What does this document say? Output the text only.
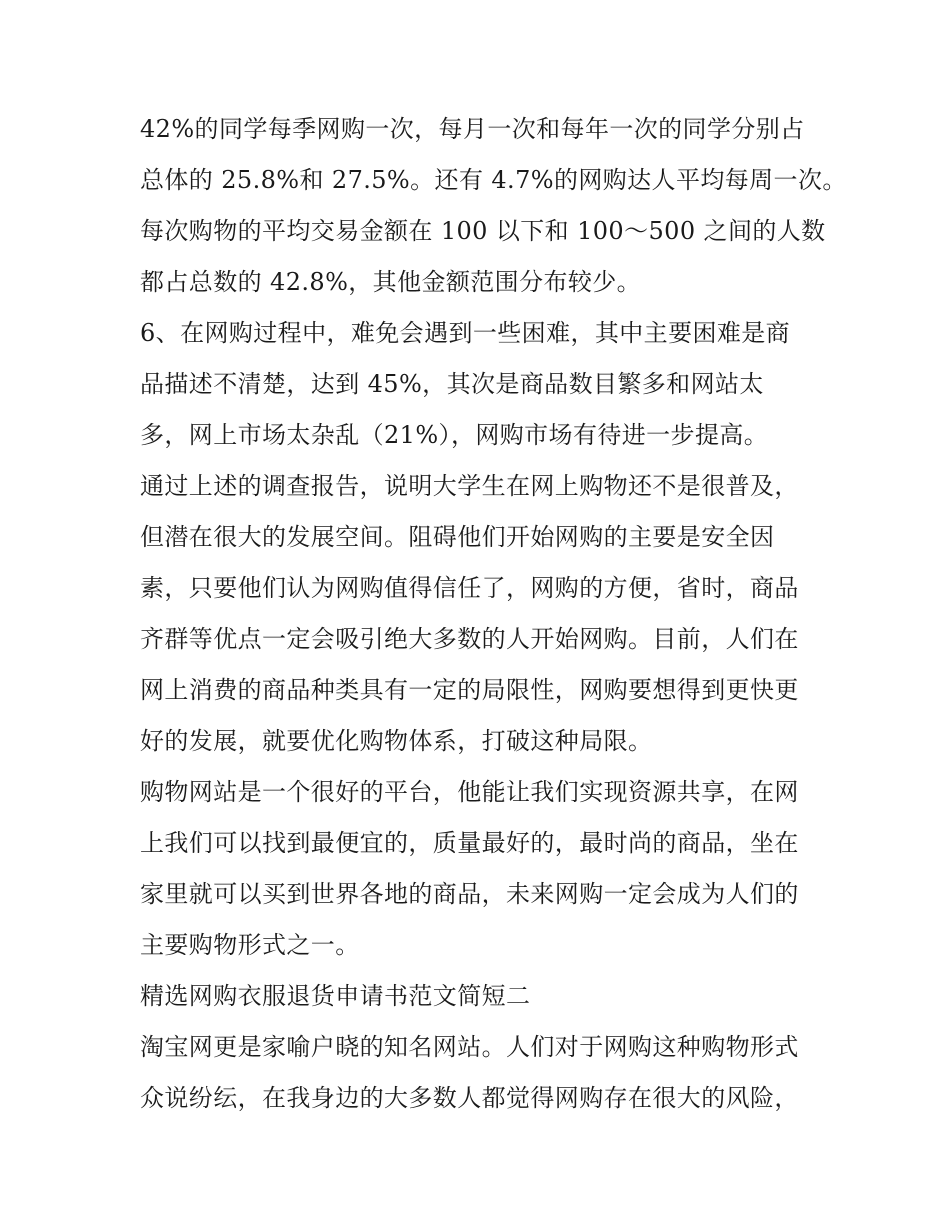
42%的同学每季网购一次，每月一次和每年一次的同学分别占
总体的 25.8%和 27.5%。还有 4.7%的网购达人平均每周一次。
每次购物的平均交易金额在 100 以下和 100～500 之间的人数
都占总数的 42.8%，其他金额范围分布较少。
6、在网购过程中，难免会遇到一些困难，其中主要困难是商
品描述不清楚，达到 45%，其次是商品数目繁多和网站太
多，网上市场太杂乱（21%），网购市场有待进一步提高。
通过上述的调查报告，说明大学生在网上购物还不是很普及，
但潜在很大的发展空间。阻碍他们开始网购的主要是安全因
素，只要他们认为网购值得信任了，网购的方便，省时，商品
齐群等优点一定会吸引绝大多数的人开始网购。目前，人们在
网上消费的商品种类具有一定的局限性，网购要想得到更快更
好的发展，就要优化购物体系，打破这种局限。
购物网站是一个很好的平台，他能让我们实现资源共享，在网
上我们可以找到最便宜的，质量最好的，最时尚的商品，坐在
家里就可以买到世界各地的商品，未来网购一定会成为人们的
主要购物形式之一。
精选网购衣服退货申请书范文简短二
淘宝网更是家喻户晓的知名网站。人们对于网购这种购物形式
众说纷纭，在我身边的大多数人都觉得网购存在很大的风险，
